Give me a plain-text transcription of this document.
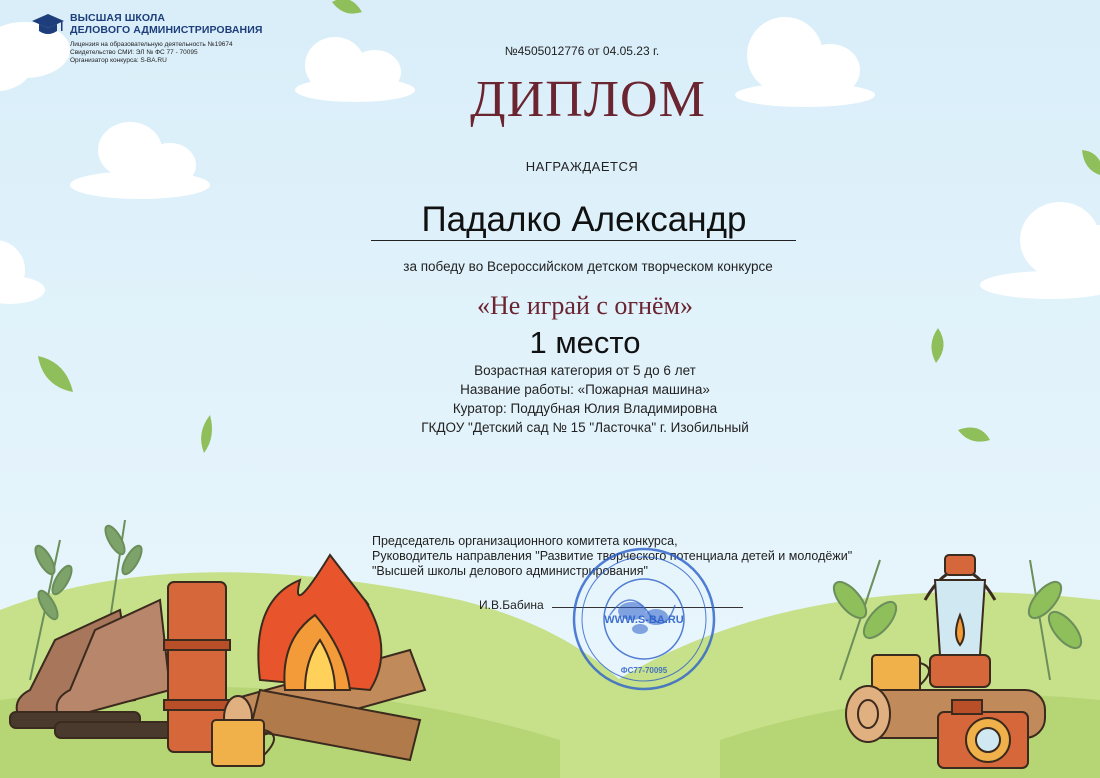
ВЫСШАЯ ШКОЛА
ДЕЛОВОГО АДМИНИСТРИРОВАНИЯ
Лицензия на образовательную деятельность №19674
Свидетельство СМИ: ЭЛ № ФС 77 - 70095
Организатор конкурса: S-BA.RU
№4505012776 от 04.05.23 г.
ДИПЛОМ
НАГРАЖДАЕТСЯ
Падалко Александр
за победу во Всероссийском детском творческом конкурсе
«Не играй с огнём»
1 место
Возрастная категория от 5 до 6 лет
Название работы: «Пожарная машина»
Куратор: Поддубная Юлия Владимировна
ГКДОУ "Детский сад № 15 "Ласточка" г. Изобильный
Председатель организационного комитета конкурса,
Руководитель направления "Развитие творческого потенциала детей и молодёжи"
"Высшей школы делового администрирования"
И.В.Бабина
WWW.S-BA.RU
ФС77-70095
